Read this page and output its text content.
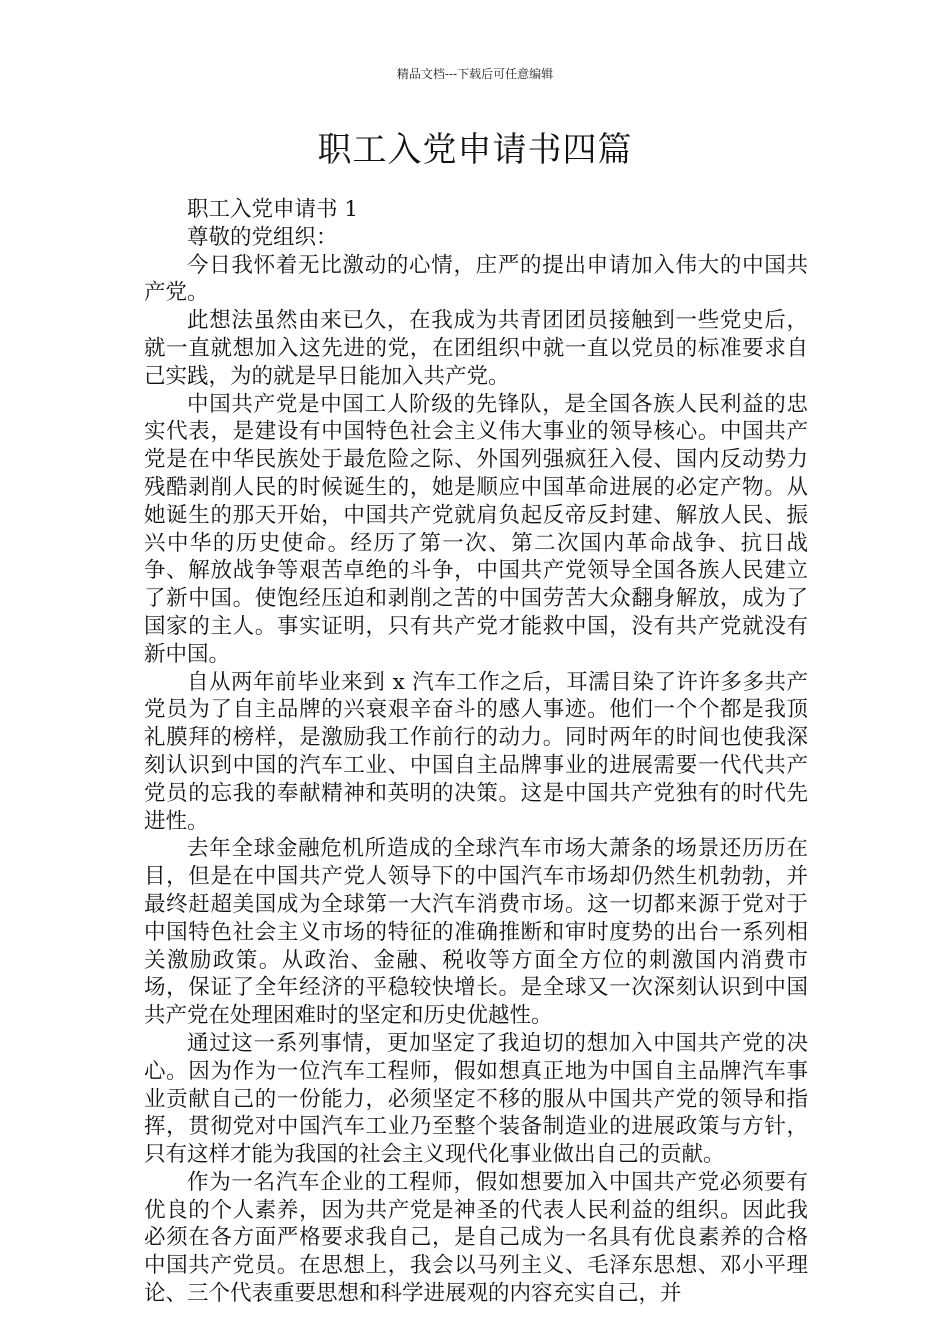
精品文档---下载后可任意编辑
职工入党申请书四篇

职工入党申请书 1

尊敬的党组织：

今日我怀着无比激动的心情，庄严的提出申请加入伟大的中国共产党。

此想法虽然由来已久，在我成为共青团团员接触到一些党史后，就一直就想加入这先进的党，在团组织中就一直以党员的标准要求自己实践，为的就是早日能加入共产党。

中国共产党是中国工人阶级的先锋队，是全国各族人民利益的忠实代表，是建设有中国特色社会主义伟大事业的领导核心。中国共产党是在中华民族处于最危险之际、外国列强疯狂入侵、国内反动势力残酷剥削人民的时候诞生的，她是顺应中国革命进展的必定产物。从她诞生的那天开始，中国共产党就肩负起反帝反封建、解放人民、振兴中华的历史使命。经历了第一次、第二次国内革命战争、抗日战争、解放战争等艰苦卓绝的斗争，中国共产党领导全国各族人民建立了新中国。使饱经压迫和剥削之苦的中国劳苦大众翻身解放，成为了国家的主人。事实证明，只有共产党才能救中国，没有共产党就没有新中国。

自从两年前毕业来到 x 汽车工作之后，耳濡目染了许许多多共产党员为了自主品牌的兴衰艰辛奋斗的感人事迹。他们一个个都是我顶礼膜拜的榜样，是激励我工作前行的动力。同时两年的时间也使我深刻认识到中国的汽车工业、中国自主品牌事业的进展需要一代代共产党员的忘我的奉献精神和英明的决策。这是中国共产党独有的时代先进性。

去年全球金融危机所造成的全球汽车市场大萧条的场景还历历在目，但是在中国共产党人领导下的中国汽车市场却仍然生机勃勃，并最终赶超美国成为全球第一大汽车消费市场。这一切都来源于党对于中国特色社会主义市场的特征的准确推断和审时度势的出台一系列相关激励政策。从政治、金融、税收等方面全方位的刺激国内消费市场，保证了全年经济的平稳较快增长。是全球又一次深刻认识到中国共产党在处理困难时的坚定和历史优越性。

通过这一系列事情，更加坚定了我迫切的想加入中国共产党的决心。因为作为一位汽车工程师，假如想真正地为中国自主品牌汽车事业贡献自己的一份能力，必须坚定不移的服从中国共产党的领导和指挥，贯彻党对中国汽车工业乃至整个装备制造业的进展政策与方针，只有这样才能为我国的社会主义现代化事业做出自己的贡献。

作为一名汽车企业的工程师，假如想要加入中国共产党必须要有优良的个人素养，因为共产党是神圣的代表人民利益的组织。因此我必须在各方面严格要求我自己，是自己成为一名具有优良素养的合格中国共产党员。在思想上，我会以马列主义、毛泽东思想、邓小平理论、三个代表重要思想和科学进展观的内容充实自己，并
